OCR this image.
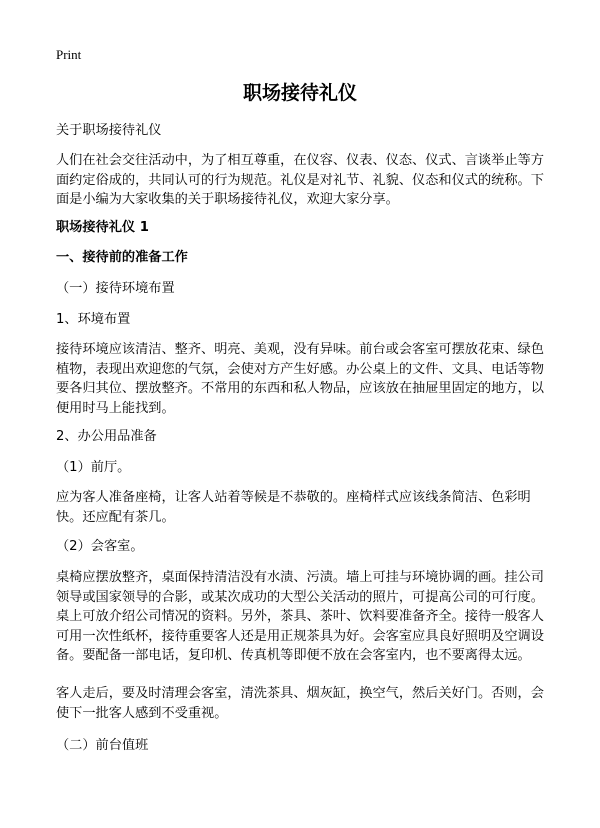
Print
职场接待礼仪
关于职场接待礼仪
人们在社会交往活动中，为了相互尊重，在仪容、仪表、仪态、仪式、言谈举止等方面约定俗成的，共同认可的行为规范。礼仪是对礼节、礼貌、仪态和仪式的统称。下面是小编为大家收集的关于职场接待礼仪，欢迎大家分享。
职场接待礼仪 1
一、接待前的准备工作
（一）接待环境布置
1、环境布置
接待环境应该清洁、整齐、明亮、美观，没有异味。前台或会客室可摆放花束、绿色植物，表现出欢迎您的气氛，会使对方产生好感。办公桌上的文件、文具、电话等物要各归其位、摆放整齐。不常用的东西和私人物品，应该放在抽屉里固定的地方，以便用时马上能找到。
2、办公用品准备
（1）前厅。
应为客人准备座椅，让客人站着等候是不恭敬的。座椅样式应该线条简洁、色彩明快。还应配有茶几。
（2）会客室。
桌椅应摆放整齐，桌面保持清洁没有水渍、污渍。墙上可挂与环境协调的画。挂公司领导或国家领导的合影，或某次成功的大型公关活动的照片，可提高公司的可行度。桌上可放介绍公司情况的资料。另外，茶具、茶叶、饮料要准备齐全。接待一般客人可用一次性纸杯，接待重要客人还是用正规茶具为好。会客室应具良好照明及空调设备。要配备一部电话，复印机、传真机等即便不放在会客室内，也不要离得太远。
客人走后，要及时清理会客室，清洗茶具、烟灰缸，换空气，然后关好门。否则，会使下一批客人感到不受重视。
（二）前台值班
